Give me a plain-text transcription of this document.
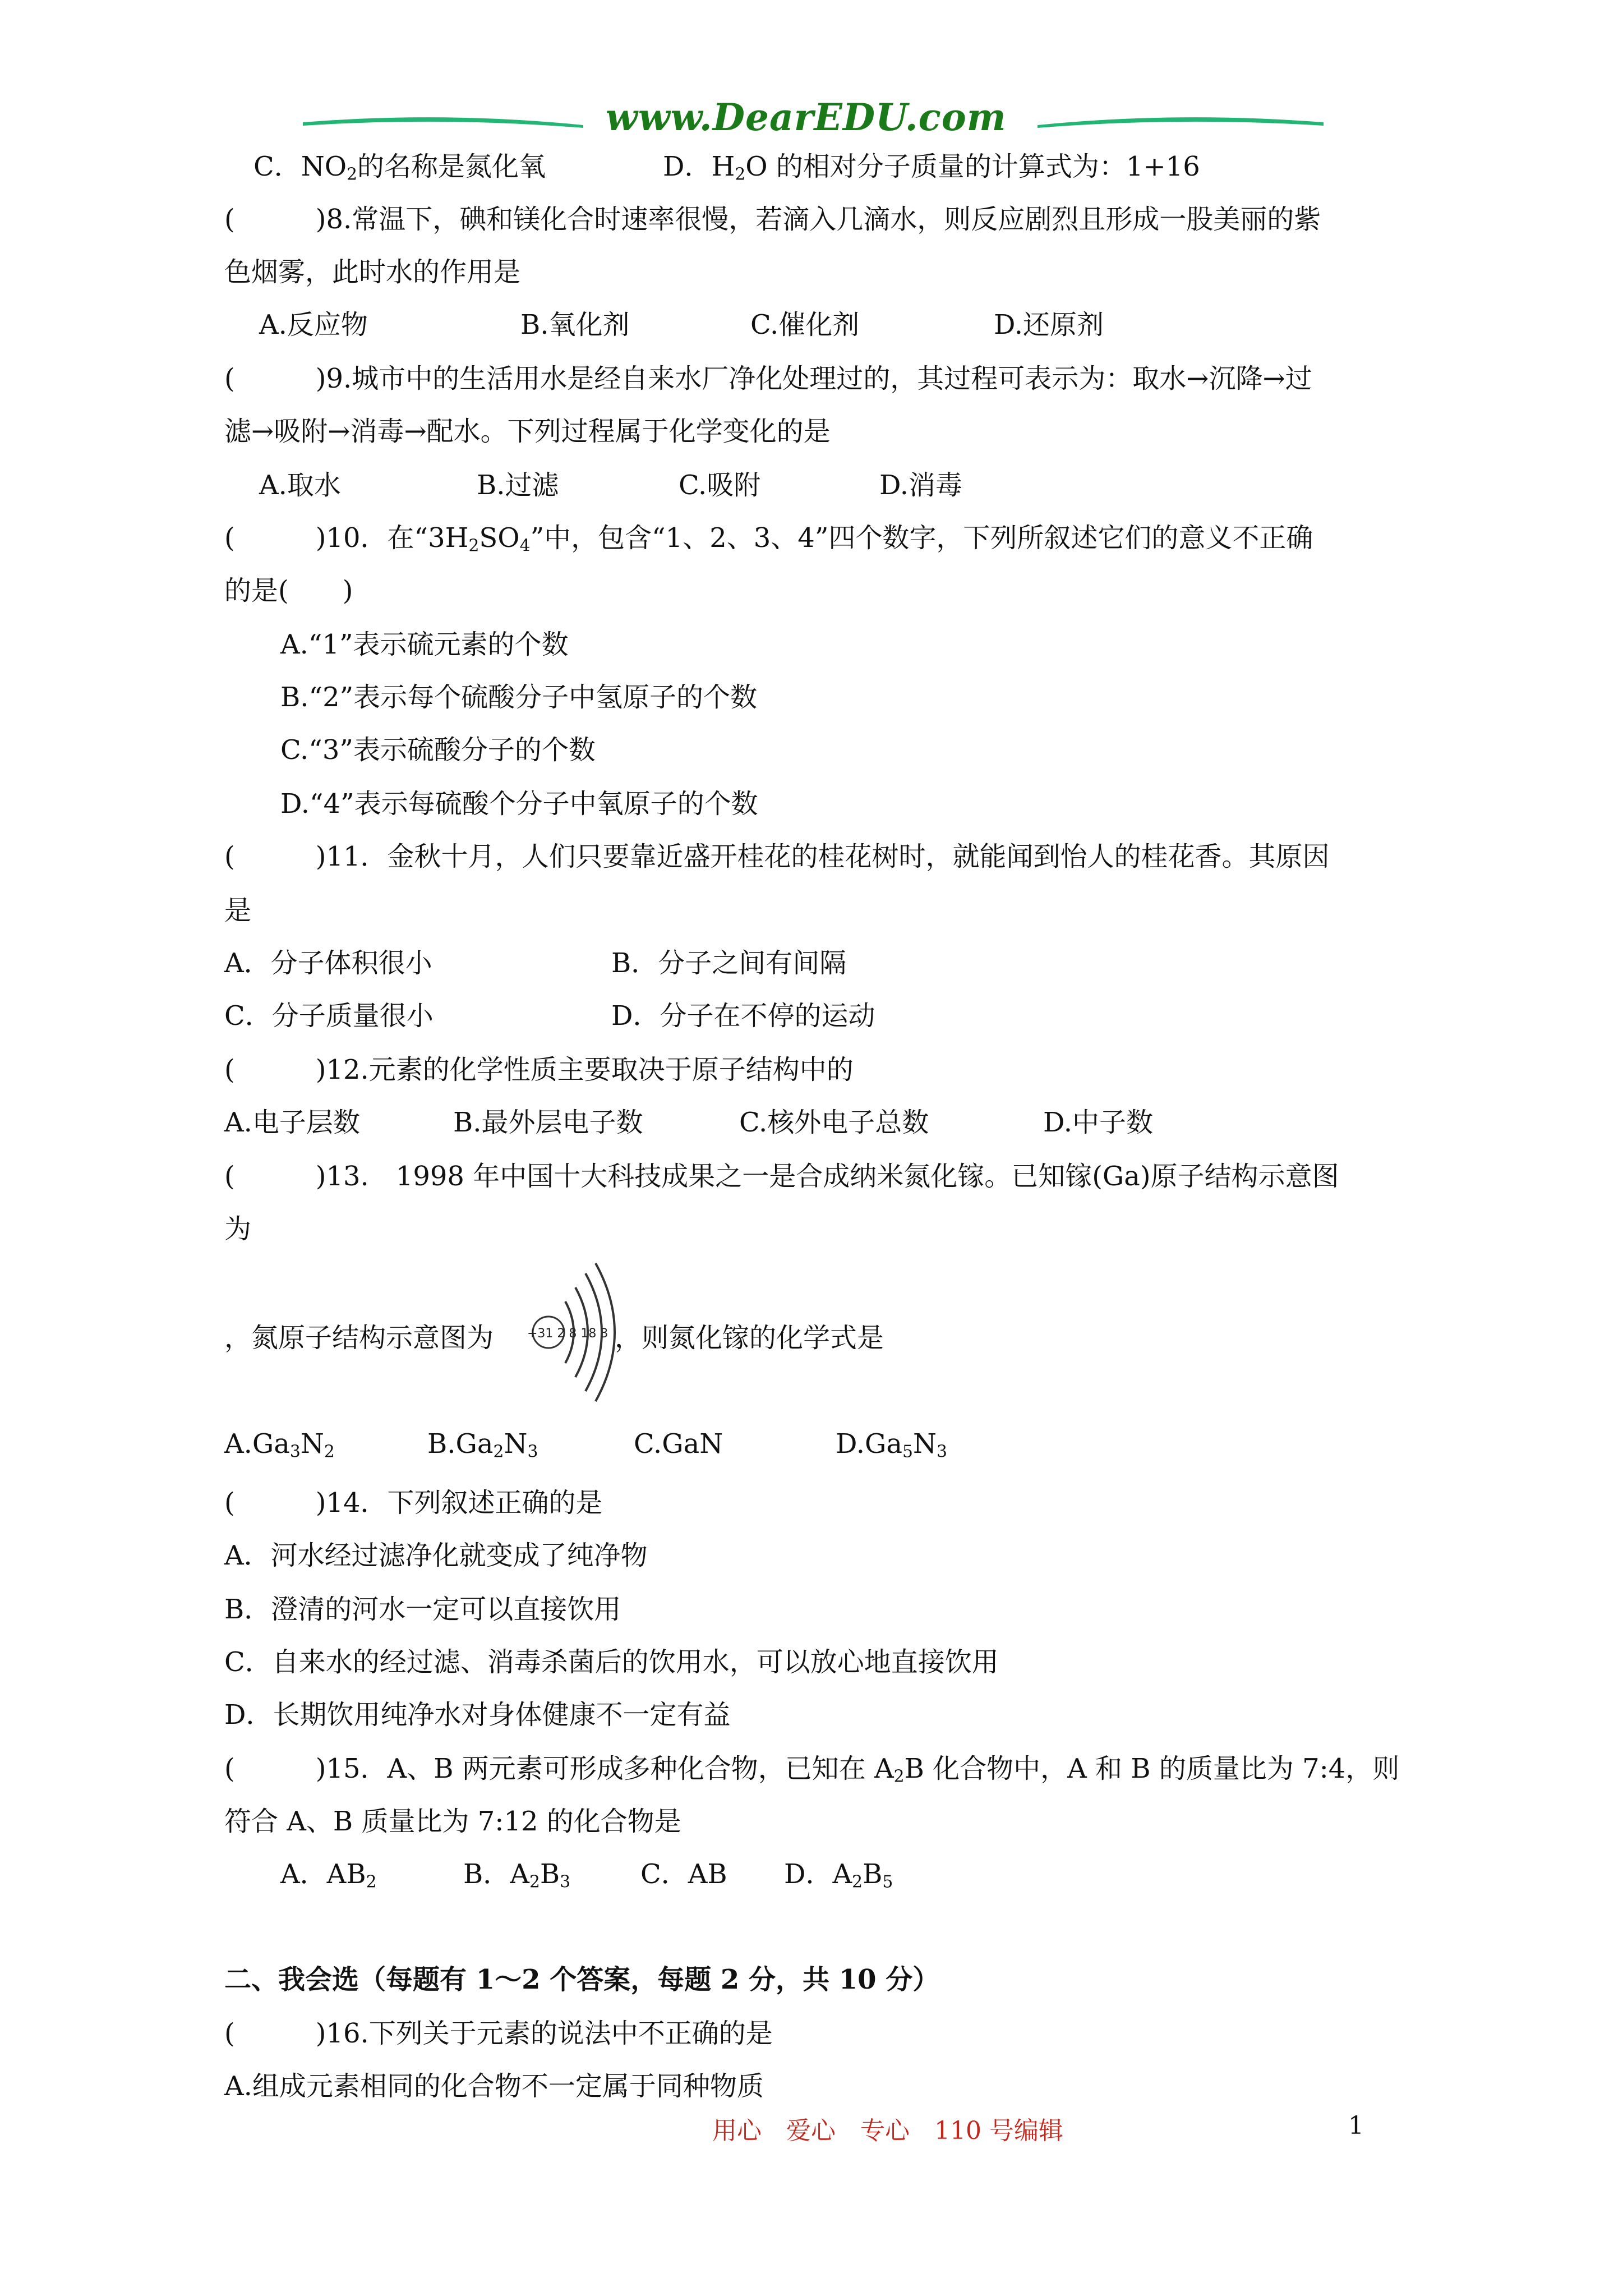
www.DearEDU.com
C．$NO_2$的名称是氮化氧	D．$H_2O$ 的相对分子质量的计算式为：1+16
(　　　)8.常温下，碘和镁化合时速率很慢，若滴入几滴水，则反应剧烈且形成一股美丽的紫
色烟雾，此时水的作用是
A.反应物	B.氧化剂	C.催化剂	D.还原剂
(　　　)9.城市中的生活用水是经自来水厂净化处理过的，其过程可表示为：取水→沉降→过
滤→吸附→消毒→配水。下列过程属于化学变化的是
A.取水	B.过滤	C.吸附	D.消毒
(　　　)10．在“$3H_2SO_4$”中，包含“1、2、3、4”四个数字，下列所叙述它们的意义不正确
的是(　　)
A.“1”表示硫元素的个数
B.“2”表示每个硫酸分子中氢原子的个数
C.“3”表示硫酸分子的个数
D.“4”表示每硫酸个分子中氧原子的个数
(　　　)11．金秋十月，人们只要靠近盛开桂花的桂花树时，就能闻到怡人的桂花香。其原因
是
A．分子体积很小	B．分子之间有间隔
C．分子质量很小	D．分子在不停的运动
(　　　)12.元素的化学性质主要取决于原子结构中的
A.电子层数	B.最外层电子数	C.核外电子总数	D.中子数
(　　　)13.　1998 年中国十大科技成果之一是合成纳米氮化镓。已知镓(Ga)原子结构示意图
为
，氮原子结构示意图为	+31 2 8 18 3 ，则氮化镓的化学式是
$A.Ga_3N_2$	$B.Ga_2N_3$	C.GaN	$D.Ga_5N_3$
(　　　)14．下列叙述正确的是
A．河水经过滤净化就变成了纯净物
B．澄清的河水一定可以直接饮用
C．自来水的经过滤、消毒杀菌后的饮用水，可以放心地直接饮用
D．长期饮用纯净水对身体健康不一定有益
(　　　)15．A、B 两元素可形成多种化合物，已知在 $A_2B$ 化合物中，A 和 B 的质量比为 7:4，则
符合 A、B 质量比为 7:12 的化合物是
A．$AB_2$	B．$A_2B_3$	C．AB D．$A_2B_5$
二、我会选（每题有 1～2 个答案，每题 2 分，共 10 分）
(　　　)16.下列关于元素的说法中不正确的是
A.组成元素相同的化合物不一定属于同种物质
用心　爱心　专心　110 号编辑	1
